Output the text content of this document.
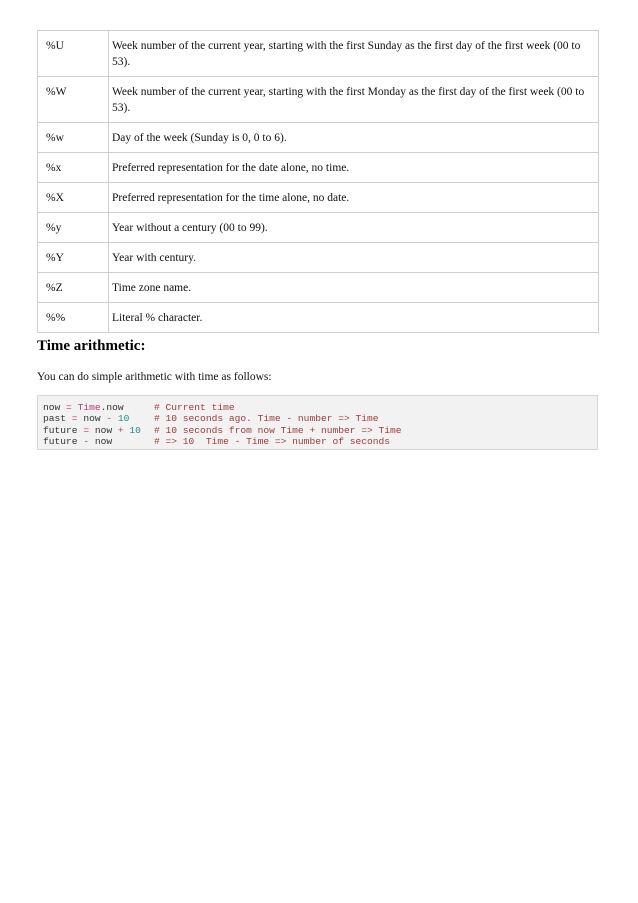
%U	Week number of the current year, starting with the first Sunday as the first day of the first week (00 to 53).
%W	Week number of the current year, starting with the first Monday as the first day of the first week (00 to 53).
%w	Day of the week (Sunday is 0, 0 to 6).
%x	Preferred representation for the date alone, no time.
%X	Preferred representation for the time alone, no date.
%y	Year without a century (00 to 99).
%Y	Year with century.
%Z	Time zone name.
%%	Literal % character.
Time arithmetic:

You can do simple arithmetic with time as follows:

now = Time.now	# Current time
past = now - 10	# 10 seconds ago. Time - number => Time
future = now + 10 # 10 seconds from now Time + number => Time
future - now	# => 10  Time - Time => number of seconds
